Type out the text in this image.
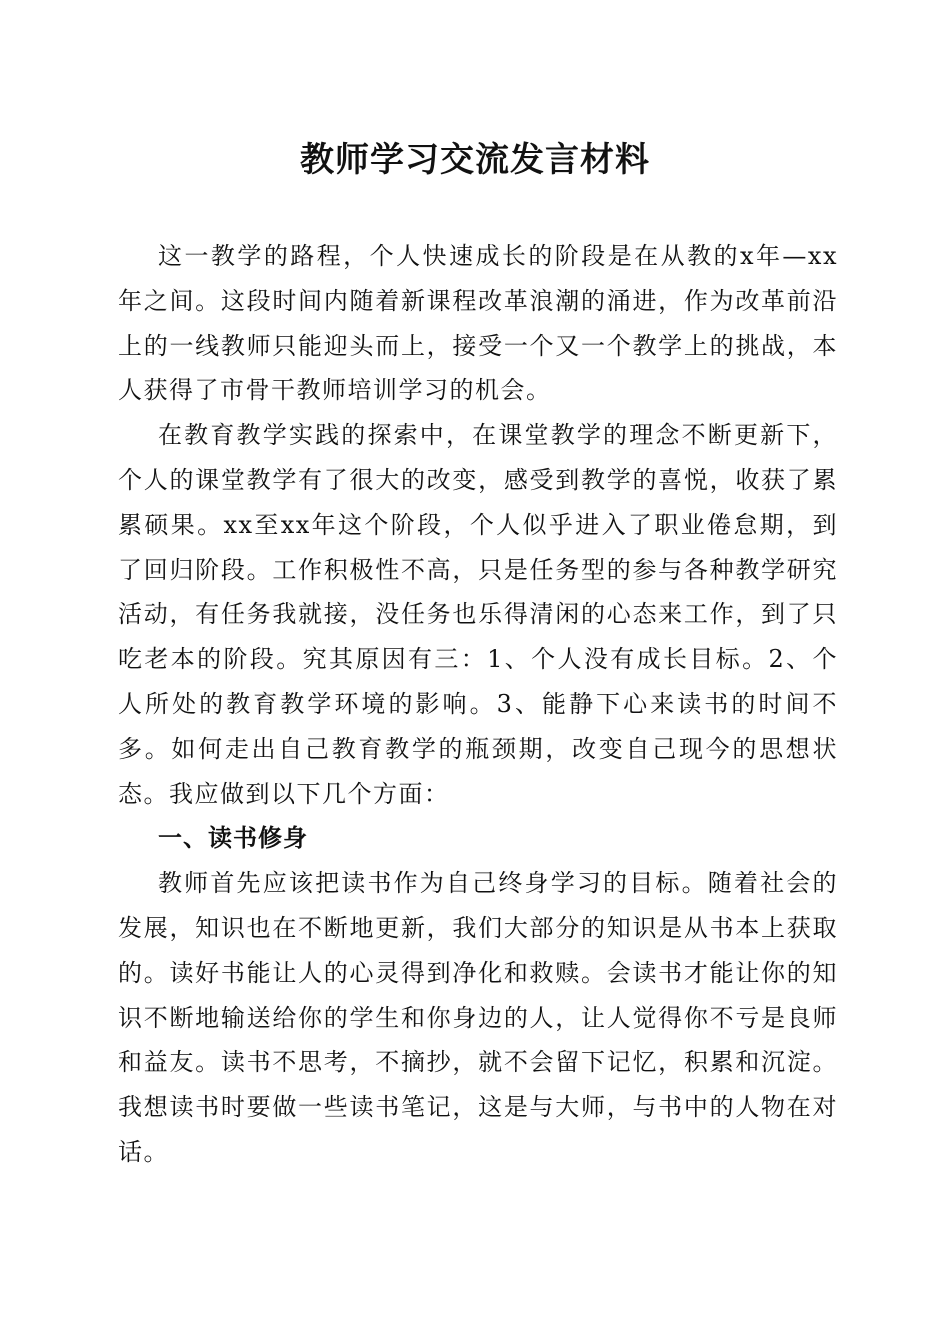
教师学习交流发言材料

这一教学的路程，个人快速成长的阶段是在从教的x年—xx年之间。这段时间内随着新课程改革浪潮的涌进，作为改革前沿上的一线教师只能迎头而上，接受一个又一个教学上的挑战，本人获得了市骨干教师培训学习的机会。

在教育教学实践的探索中，在课堂教学的理念不断更新下，个人的课堂教学有了很大的改变，感受到教学的喜悦，收获了累累硕果。xx至xx年这个阶段，个人似乎进入了职业倦怠期，到了回归阶段。工作积极性不高，只是任务型的参与各种教学研究活动，有任务我就接，没任务也乐得清闲的心态来工作，到了只吃老本的阶段。究其原因有三：1、个人没有成长目标。2、个人所处的教育教学环境的影响。3、能静下心来读书的时间不多。如何走出自己教育教学的瓶颈期，改变自己现今的思想状态。我应做到以下几个方面：

一、读书修身

教师首先应该把读书作为自己终身学习的目标。随着社会的发展，知识也在不断地更新，我们大部分的知识是从书本上获取的。读好书能让人的心灵得到净化和救赎。会读书才能让你的知识不断地输送给你的学生和你身边的人，让人觉得你不亏是良师和益友。读书不思考，不摘抄，就不会留下记忆，积累和沉淀。我想读书时要做一些读书笔记，这是与大师，与书中的人物在对话。
